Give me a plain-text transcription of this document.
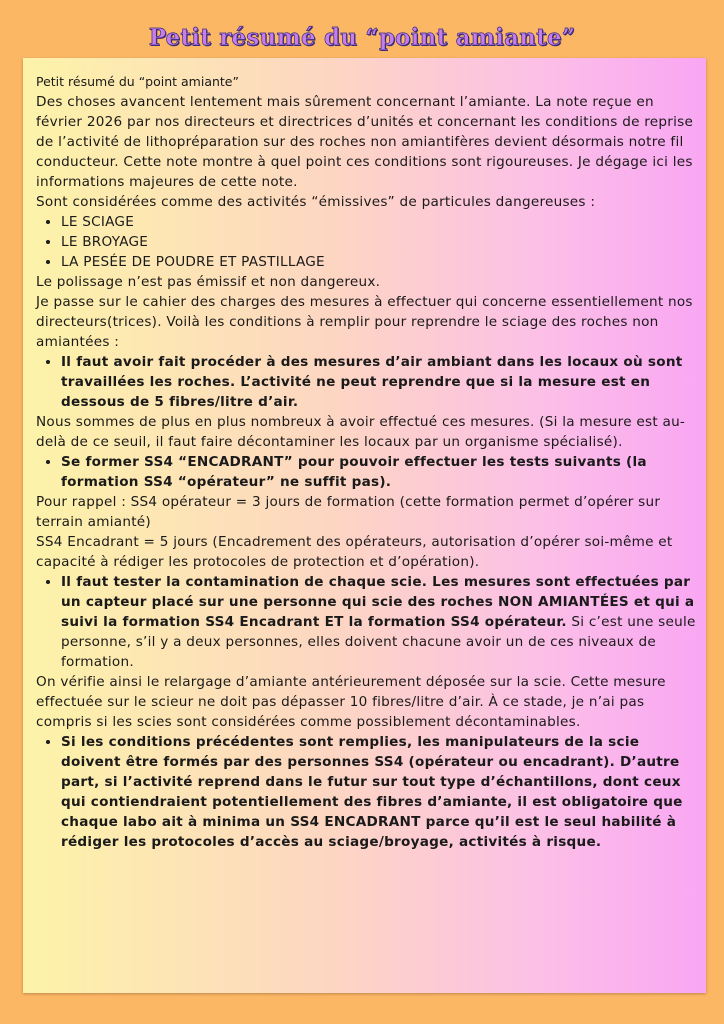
Petit résumé du “point amiante”

Petit résumé du “point amiante”

Des choses avancent lentement mais sûrement concernant l’amiante. La note reçue en février 2026 par nos directeurs et directrices d’unités et concernant les conditions de reprise de l’activité de lithopréparation sur des roches non amiantifères devient désormais notre fil conducteur. Cette note montre à quel point ces conditions sont rigoureuses. Je dégage ici les informations majeures de cette note.

Sont considérées comme des activités “émissives” de particules dangereuses :

• LE SCIAGE
• LE BROYAGE
• LA PESÉE DE POUDRE ET PASTILLAGE

Le polissage n’est pas émissif et non dangereux.

Je passe sur le cahier des charges des mesures à effectuer qui concerne essentiellement nos directeurs(trices). Voilà les conditions à remplir pour reprendre le sciage des roches non amiantées :

• Il faut avoir fait procéder à des mesures d’air ambiant dans les locaux où sont travaillées les roches. L’activité ne peut reprendre que si la mesure est en dessous de 5 fibres/litre d’air.

Nous sommes de plus en plus nombreux à avoir effectué ces mesures. (Si la mesure est au-delà de ce seuil, il faut faire décontaminer les locaux par un organisme spécialisé).

• Se former SS4 “ENCADRANT” pour pouvoir effectuer les tests suivants (la formation SS4 “opérateur” ne suffit pas).

Pour rappel : SS4 opérateur = 3 jours de formation (cette formation permet d’opérer sur terrain amianté)

SS4 Encadrant = 5 jours (Encadrement des opérateurs, autorisation d’opérer soi-même et capacité à rédiger les protocoles de protection et d’opération).

• Il faut tester la contamination de chaque scie. Les mesures sont effectuées par un capteur placé sur une personne qui scie des roches NON AMIANTÉES et qui a suivi la formation SS4 Encadrant ET la formation SS4 opérateur. Si c’est une seule personne, s’il y a deux personnes, elles doivent chacune avoir un de ces niveaux de formation.

On vérifie ainsi le relargage d’amiante antérieurement déposée sur la scie. Cette mesure effectuée sur le scieur ne doit pas dépasser 10 fibres/litre d’air. À ce stade, je n’ai pas compris si les scies sont considérées comme possiblement décontaminables.

• Si les conditions précédentes sont remplies, les manipulateurs de la scie doivent être formés par des personnes SS4 (opérateur ou encadrant). D’autre part, si l’activité reprend dans le futur sur tout type d’échantillons, dont ceux qui contiendraient potentiellement des fibres d’amiante, il est obligatoire que chaque labo ait à minima un SS4 ENCADRANT parce qu’il est le seul habilité à rédiger les protocoles d’accès au sciage/broyage, activités à risque.
